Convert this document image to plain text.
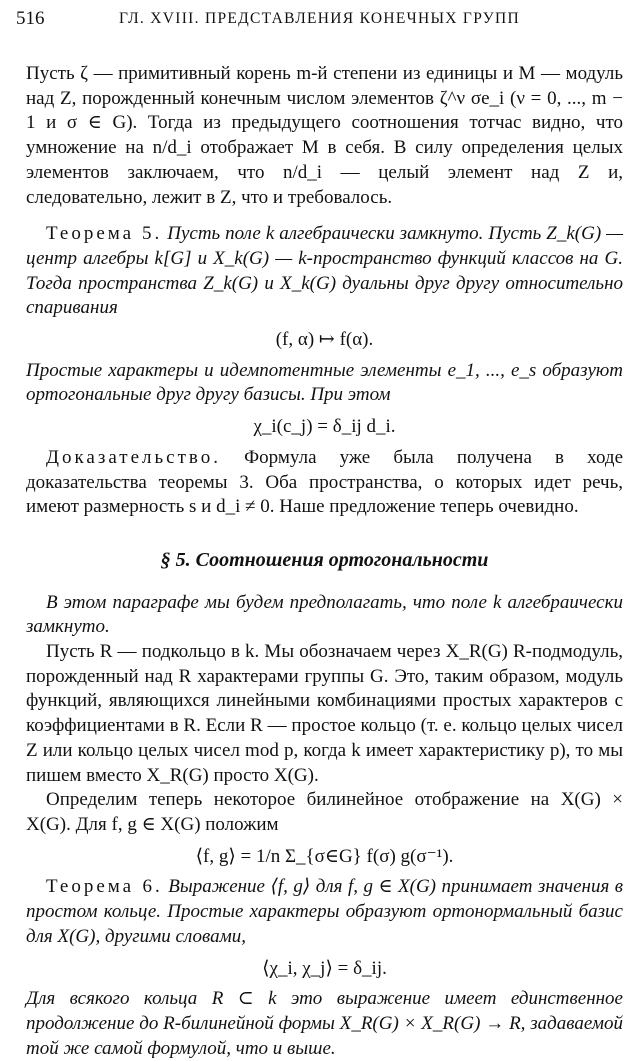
516	ГЛ. XVIII. ПРЕДСТАВЛЕНИЯ КОНЕЧНЫХ ГРУПП

Пусть ζ — примитивный корень m-й степени из единицы и M — модуль над Z, порожденный конечным числом элементов ζ^ν σe_i (ν = 0, ..., m − 1 и σ ∈ G). Тогда из предыдущего соотношения тотчас видно, что умножение на n/d_i отображает M в себя. В силу определения целых элементов заключаем, что n/d_i — целый элемент над Z и, следовательно, лежит в Z, что и требовалось.

Теорема 5. Пусть поле k алгебраически замкнуто. Пусть Z_k(G) — центр алгебры k[G] и X_k(G) — k-пространство функций классов на G. Тогда пространства Z_k(G) и X_k(G) дуальны друг другу относительно спаривания

(f, α) ↦ f(α).

Простые характеры и идемпотентные элементы e_1, ..., e_s образуют ортогональные друг другу базисы. При этом

χ_i(c_j) = δ_ij d_i.

Доказательство. Формула уже была получена в ходе доказательства теоремы 3. Оба пространства, о которых идет речь, имеют размерность s и d_i ≠ 0. Наше предложение теперь очевидно.

§ 5. Соотношения ортогональности

В этом параграфе мы будем предполагать, что поле k алгебраически замкнуто.

Пусть R — подкольцо в k. Мы обозначаем через X_R(G) R-подмодуль, порожденный над R характерами группы G. Это, таким образом, модуль функций, являющихся линейными комбинациями простых характеров с коэффициентами в R. Если R — простое кольцо (т. е. кольцо целых чисел Z или кольцо целых чисел mod p, когда k имеет характеристику p), то мы пишем вместо X_R(G) просто X(G).

Определим теперь некоторое билинейное отображение на X(G) × X(G). Для f, g ∈ X(G) положим

⟨f, g⟩ = 1/n Σ_{σ∈G} f(σ) g(σ⁻¹).

Теорема 6. Выражение ⟨f, g⟩ для f, g ∈ X(G) принимает значения в простом кольце. Простые характеры образуют ортонормальный базис для X(G), другими словами,

⟨χ_i, χ_j⟩ = δ_ij.

Для всякого кольца R ⊂ k это выражение имеет единственное продолжение до R-билинейной формы X_R(G) × X_R(G) → R, задаваемой той же самой формулой, что и выше.
